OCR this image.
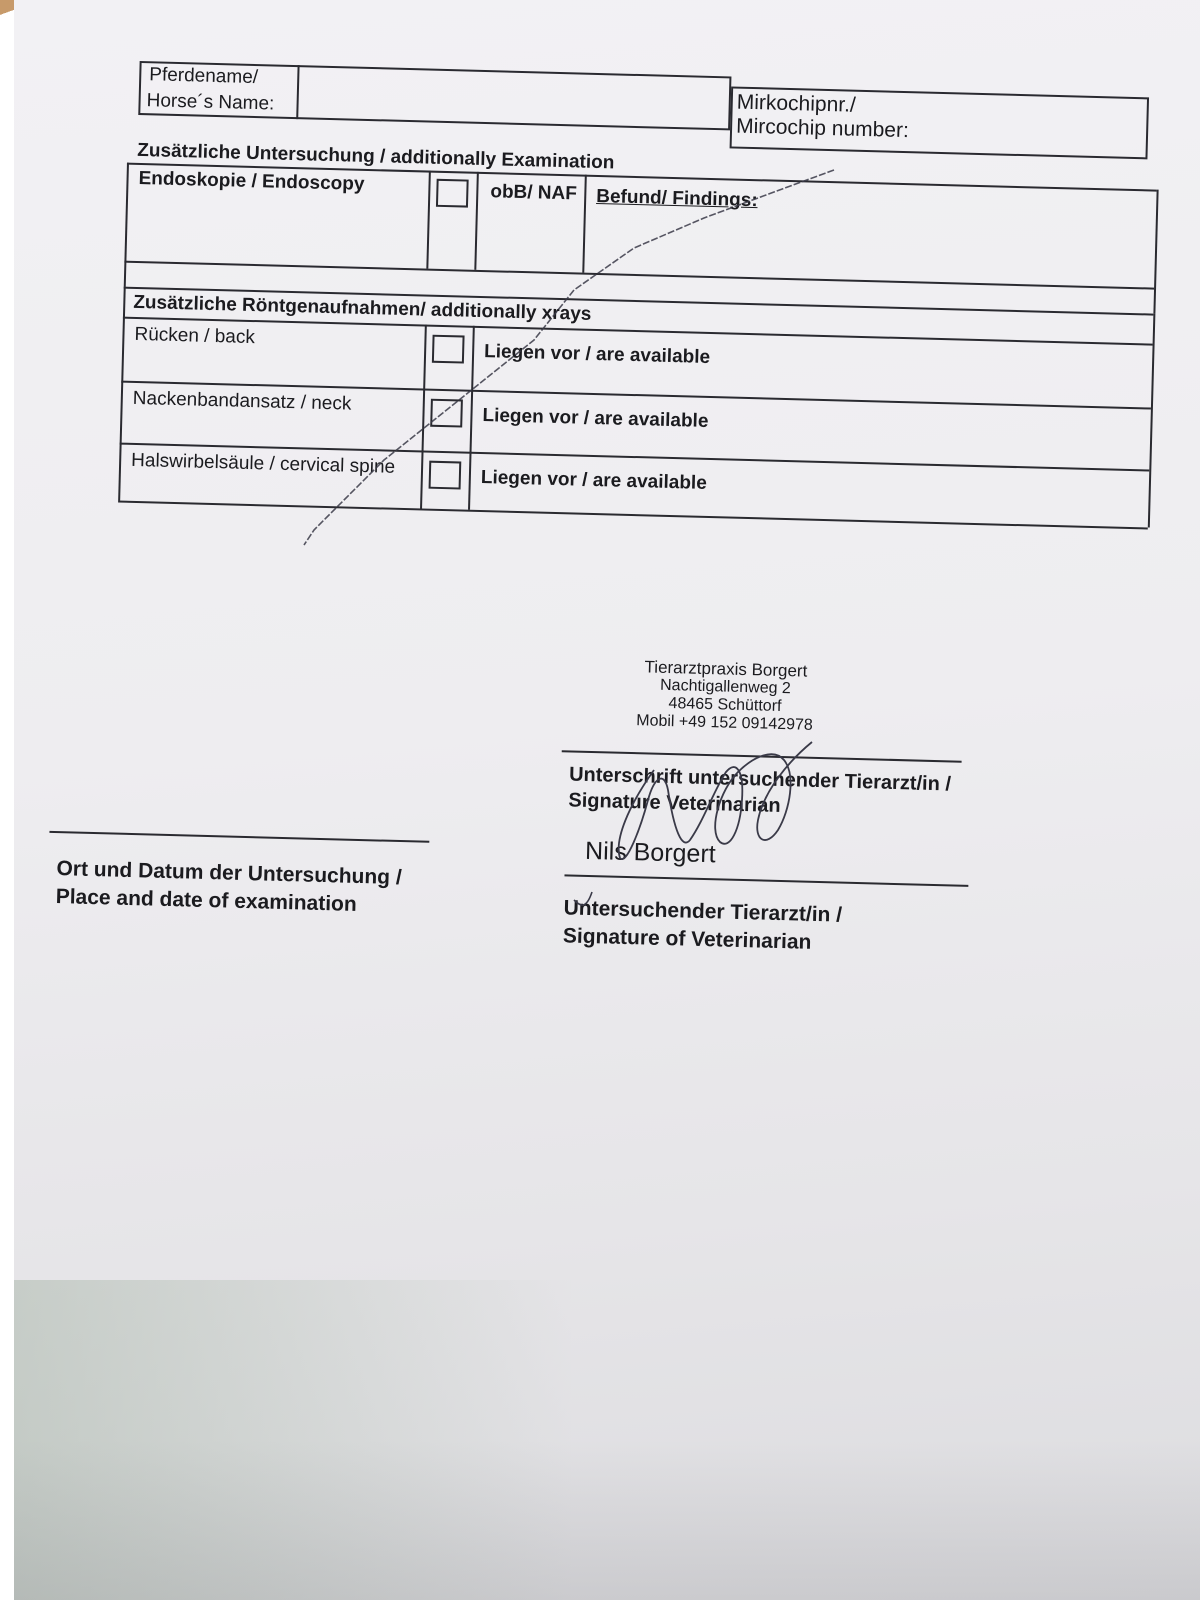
Pferdename/
Horse´s Name:	Mirkochipnr./
Mircochip number:
Zusätzliche Untersuchung / additionally Examination
Endoskopie / Endoscopy	obB/ NAF Befund/ Findings:
Zusätzliche Röntgenaufnahmen/ additionally xrays
Rücken / back
Liegen vor / are available
Nackenbandansatz / neck
Liegen vor / are available
Halswirbelsäule / cervical spine
Liegen vor / are available
Tierarztpraxis Borgert
Nachtigallenweg 2
48465 Schüttorf
Mobil +49 152 09142978
Unterschrift untersuchender Tierarzt/in /
Signature Veterinarian
Nils Borgert
Untersuchender Tierarzt/in /
Signature of Veterinarian
Ort und Datum der Untersuchung /
Place and date of examination
